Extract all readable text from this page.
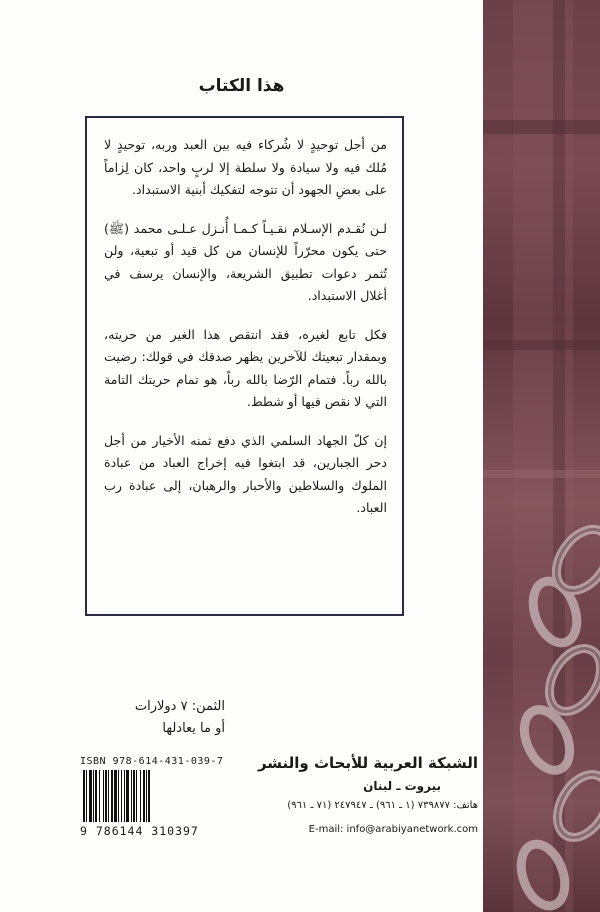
هذا الكتاب

من أجل توحيدٍ لا شُركاء فيه بين العبد وربه، توحيدٍ لا مُلك فيه ولا سيادة ولا سلطة إلا لربٍ واحد، كان لِزاماً على بعضِ الجهود أن تتوجه لتفكيك أبنية الاستبداد.

لـن نُقـدم الإسـلام نقـيـاً كـمـا أُنـزل عـلـى محمد (ﷺ) حتى يكون محرّراً للإنسان من كل قيد أو تبعية، ولن تُثمر دعوات تطبيق الشريعة، والإنسان يرسف في أغلال الاستبداد.

فكل تابع لغيره، فقد انتقص هذا الغير من حريته، وبمقدار تبعيتك للآخرين يظهر صدقك في قولك: رضيت بالله رباً. فتمام الرّضا بالله رباً، هو تمام حريتك التامة التي لا نقص فيها أو شطط.

إن كلّ الجهاد السلمي الذي دفع ثمنه الأخيار من أجل دحر الجبارين، قد ابتغوا فيه إخراج العباد من عبادة الملوك والسلاطين والأحبار والرهبان، إلى عبادة رب العباد.

الثمن: ٧ دولارات
أو ما يعادلها
ISBN 978-614-431-039-7
9 786144 310397
الشبكة العربية للأبحاث والنشر
بيروت ـ لبنان
هاتف: ٧٣٩٨٧٧ (١ ـ ٩٦١) ـ ٢٤٧٩٤٧ (٧١ ـ ٩٦١)
E-mail: info@arabiyanetwork.com
